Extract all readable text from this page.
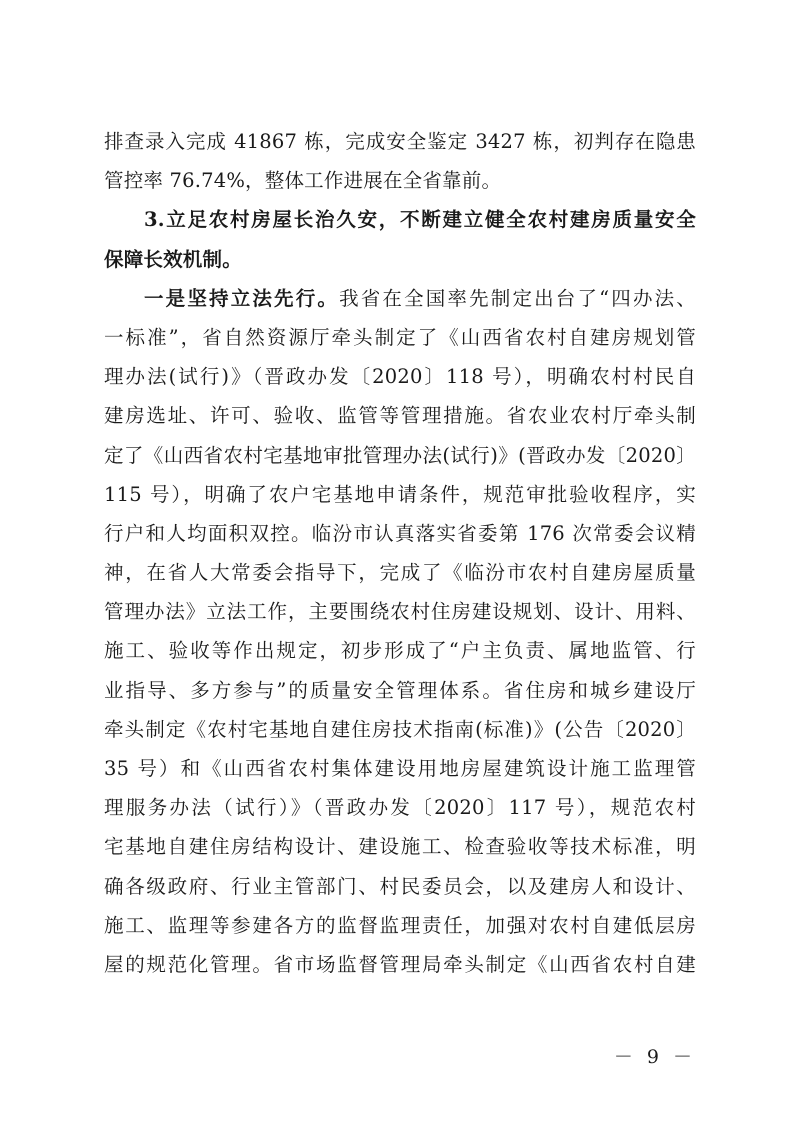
排查录入完成 41867 栋，完成安全鉴定 3427 栋，初判存在隐患
管控率 76.74%，整体工作进展在全省靠前。
3.立足农村房屋长治久安，不断建立健全农村建房质量安全
保障长效机制。
一是坚持立法先行。我省在全国率先制定出台了“四办法、
一标准”，省自然资源厅牵头制定了《山西省农村自建房规划管
理办法(试行)》（晋政办发〔2020〕118 号），明确农村村民自
建房选址、许可、验收、监管等管理措施。省农业农村厅牵头制
定了《山西省农村宅基地审批管理办法(试行)》(晋政办发〔2020〕
115 号），明确了农户宅基地申请条件，规范审批验收程序，实
行户和人均面积双控。临汾市认真落实省委第 176 次常委会议精
神，在省人大常委会指导下，完成了《临汾市农村自建房屋质量
管理办法》立法工作，主要围绕农村住房建设规划、设计、用料、
施工、验收等作出规定，初步形成了“户主负责、属地监管、行
业指导、多方参与”的质量安全管理体系。省住房和城乡建设厅
牵头制定《农村宅基地自建住房技术指南(标准)》(公告〔2020〕
35 号）和《山西省农村集体建设用地房屋建筑设计施工监理管
理服务办法（试行）》（晋政办发〔2020〕117 号），规范农村
宅基地自建住房结构设计、建设施工、检查验收等技术标准，明
确各级政府、行业主管部门、村民委员会，以及建房人和设计、
施工、监理等参建各方的监督监理责任，加强对农村自建低层房
屋的规范化管理。省市场监督管理局牵头制定《山西省农村自建
－ 9 －
